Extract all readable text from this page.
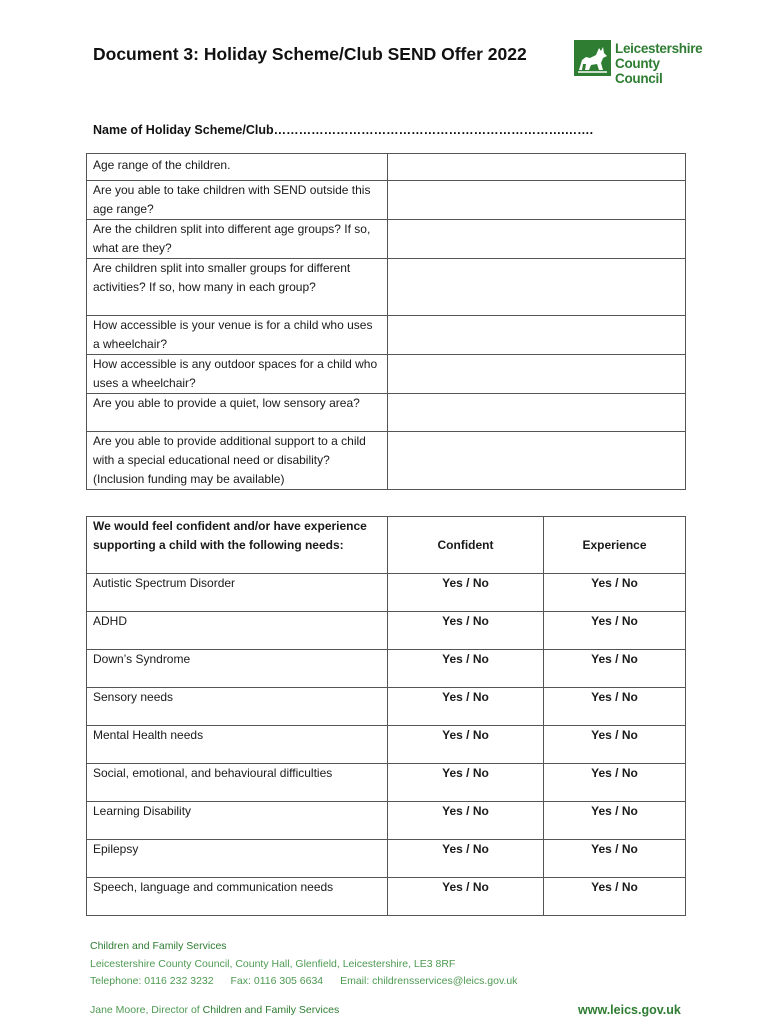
Document 3: Holiday Scheme/Club SEND Offer 2022	Leicestershire
County Council
Name of Holiday Scheme/Club…………………………………………………………….…….
Age range of the children.	
Are you able to take children with SEND outside this age range?	
Are the children split into different age groups? If so, what are they?	
Are children split into smaller groups for different activities? If so, how many in each group?	
How accessible is your venue is for a child who uses a wheelchair?	
How accessible is any outdoor spaces for a child who uses a wheelchair?	
Are you able to provide a quiet, low sensory area?	
Are you able to provide additional support to a child with a special educational need or disability? (Inclusion funding may be available)	
We would feel confident and/or have experience supporting a child with the following needs:	Confident	Experience
Autistic Spectrum Disorder	Yes / No	Yes / No
ADHD	Yes / No	Yes / No
Down’s Syndrome	Yes / No	Yes / No
Sensory needs	Yes / No	Yes / No
Mental Health needs	Yes / No	Yes / No
Social, emotional, and behavioural difficulties	Yes / No	Yes / No
Learning Disability	Yes / No	Yes / No
Epilepsy	Yes / No	Yes / No
Speech, language and communication needs	Yes / No	Yes / No
Children and Family Services
Leicestershire County Council, County Hall, Glenfield, Leicestershire, LE3 8RF
Telephone: 0116 232 3232 Fax: 0116 305 6634 Email: childrensservices@leics.gov.uk
Jane Moore, Director of Children and Family Services	www.leics.gov.uk
